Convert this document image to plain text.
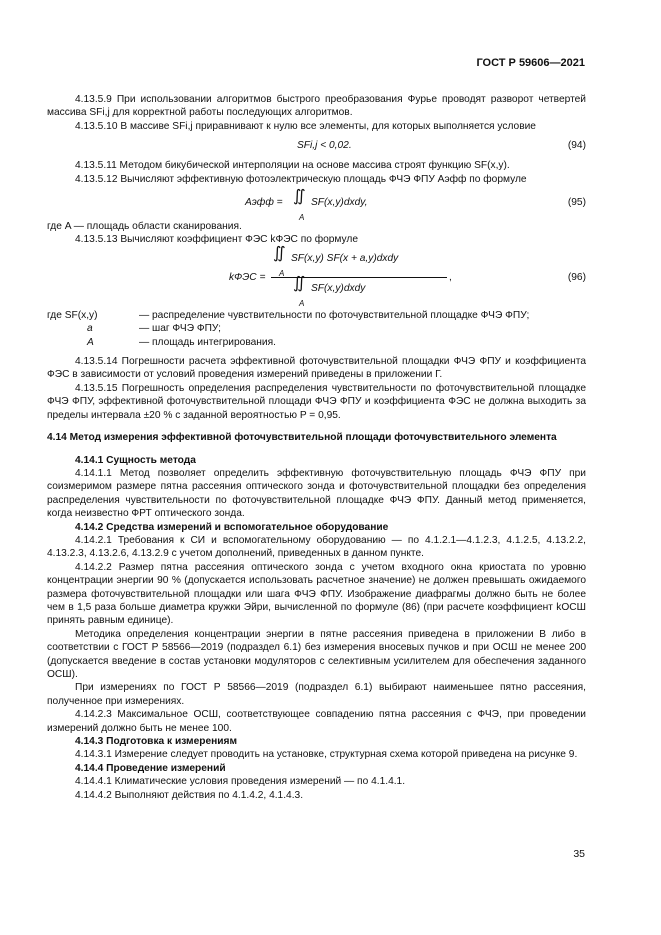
ГОСТ Р 59606—2021

4.13.5.9 При использовании алгоритмов быстрого преобразования Фурье проводят разворот четвертей массива SFi,j для корректной работы последующих алгоритмов.

4.13.5.10 В массиве SFi,j приравнивают к нулю все элементы, для которых выполняется условие

SFi,j < 0,02.	(94)

4.13.5.11 Методом бикубической интерполяции на основе массива строят функцию SF(x,y).

4.13.5.12 Вычисляют эффективную фотоэлектрическую площадь ФЧЭ ФПУ Aэфф по формуле

Aэфф = ∬
A
SF(x,y)dxdy,	(95)

где A — площадь области сканирования.

4.13.5.13 Вычисляют коэффициент ФЭС kФЭС по формуле

kФЭС =
∬
A
SF(x,y) SF(x + a,y)dxdy
∬
A
SF(x,y)dxdy
,	(96)
где SF(x,y)	— распределение чувствительности по фоточувствительной площадке ФЧЭ ФПУ;
a	— шаг ФЧЭ ФПУ;
A	— площадь интегрирования.

4.13.5.14 Погрешности расчета эффективной фоточувствительной площадки ФЧЭ ФПУ и коэффициента ФЭС в зависимости от условий проведения измерений приведены в приложении Г.

4.13.5.15 Погрешность определения распределения чувствительности по фоточувствительной площадке ФЧЭ ФПУ, эффективной фоточувствительной площади ФЧЭ ФПУ и коэффициента ФЭС не должна выходить за пределы интервала ±20 % с заданной вероятностью P = 0,95.

4.14 Метод измерения эффективной фоточувствительной площади фоточувствительного элемента

4.14.1 Сущность метода

4.14.1.1 Метод позволяет определить эффективную фоточувствительную площадь ФЧЭ ФПУ при соизмеримом размере пятна рассеяния оптического зонда и фоточувствительной площадки без определения распределения чувствительности по фоточувствительной площадке ФЧЭ ФПУ. Данный метод применяется, когда неизвестно ФРТ оптического зонда.

4.14.2 Средства измерений и вспомогательное оборудование

4.14.2.1 Требования к СИ и вспомогательному оборудованию — по 4.1.2.1—4.1.2.3, 4.1.2.5, 4.13.2.2, 4.13.2.3, 4.13.2.6, 4.13.2.9 с учетом дополнений, приведенных в данном пункте.

4.14.2.2 Размер пятна рассеяния оптического зонда с учетом входного окна криостата по уровню концентрации энергии 90 % (допускается использовать расчетное значение) не должен превышать ожидаемого размера фоточувствительной площадки или шага ФЧЭ ФПУ. Изображение диафрагмы должно быть не более чем в 1,5 раза больше диаметра кружки Эйри, вычисленной по формуле (86) (при расчете коэффициент kОСШ принять равным единице).

Методика определения концентрации энергии в пятне рассеяния приведена в приложении В либо в соответствии с ГОСТ Р 58566—2019 (подраздел 6.1) без измерения вносевых пучков и при ОСШ не менее 200 (допускается введение в состав установки модуляторов с селективным усилителем для обеспечения заданного ОСШ).

При измерениях по ГОСТ Р 58566—2019 (подраздел 6.1) выбирают наименьшее пятно рассеяния, полученное при измерениях.

4.14.2.3 Максимальное ОСШ, соответствующее совпадению пятна рассеяния с ФЧЭ, при проведении измерений должно быть не менее 100.

4.14.3 Подготовка к измерениям

4.14.3.1 Измерение следует проводить на установке, структурная схема которой приведена на рисунке 9.

4.14.4 Проведение измерений

4.14.4.1 Климатические условия проведения измерений — по 4.1.4.1.

4.14.4.2 Выполняют действия по 4.1.4.2, 4.1.4.3.

35
